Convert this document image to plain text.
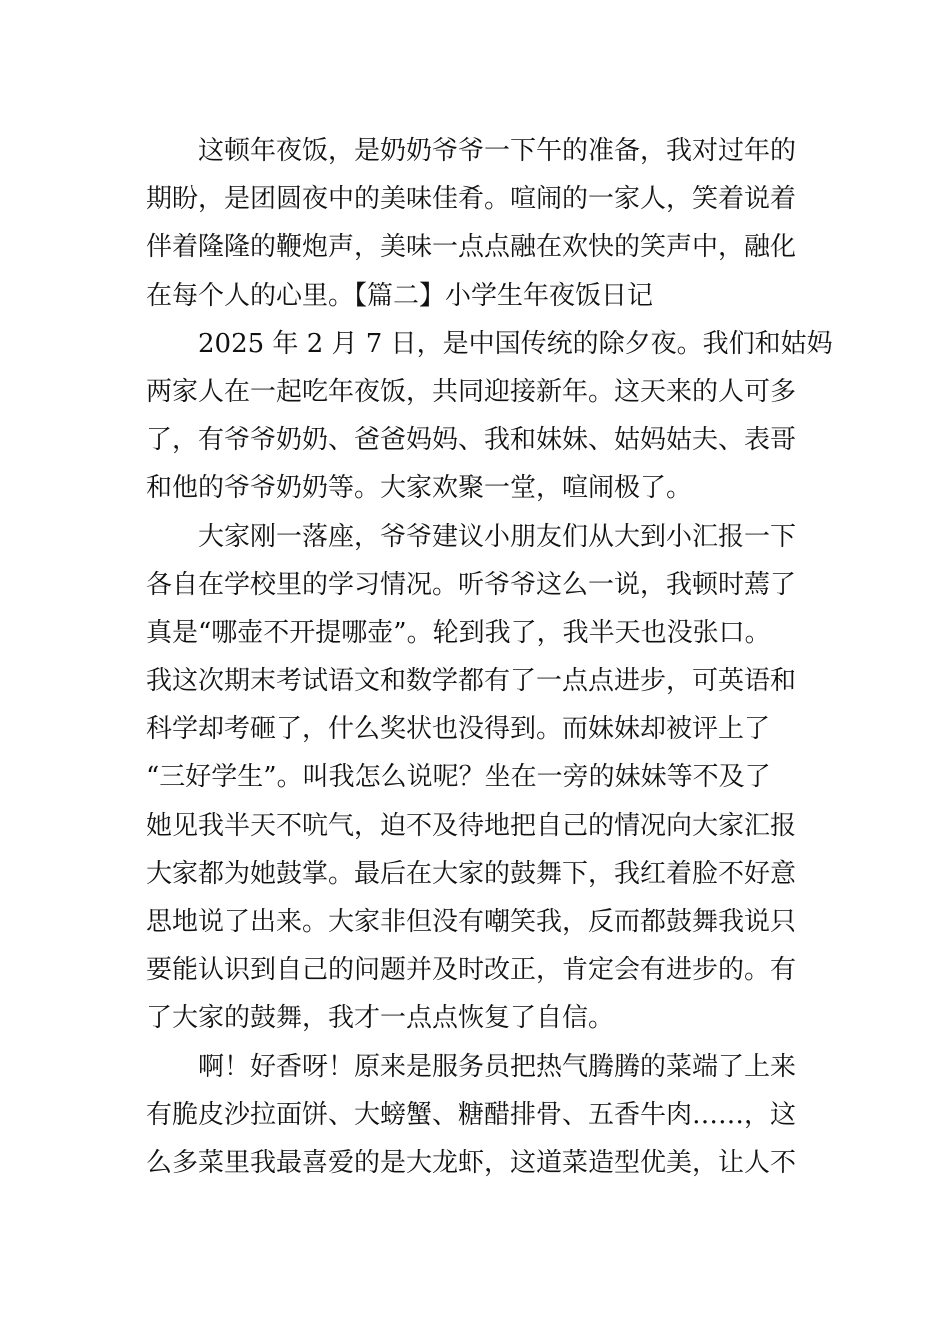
这顿年夜饭，是奶奶爷爷一下午的准备，我对过年的
期盼，是团圆夜中的美味佳肴。喧闹的一家人，笑着说着
伴着隆隆的鞭炮声，美味一点点融在欢快的笑声中，融化
在每个人的心里。【篇二】小学生年夜饭日记
2025 年 2 月 7 日，是中国传统的除夕夜。我们和姑妈
两家人在一起吃年夜饭，共同迎接新年。这天来的人可多
了，有爷爷奶奶、爸爸妈妈、我和妹妹、姑妈姑夫、表哥
和他的爷爷奶奶等。大家欢聚一堂，喧闹极了。
大家刚一落座，爷爷建议小朋友们从大到小汇报一下
各自在学校里的学习情况。听爷爷这么一说，我顿时蔫了
真是“哪壶不开提哪壶”。轮到我了，我半天也没张口。
我这次期末考试语文和数学都有了一点点进步，可英语和
科学却考砸了，什么奖状也没得到。而妹妹却被评上了
“三好学生”。叫我怎么说呢？坐在一旁的妹妹等不及了
她见我半天不吭气，迫不及待地把自己的情况向大家汇报
大家都为她鼓掌。最后在大家的鼓舞下，我红着脸不好意
思地说了出来。大家非但没有嘲笑我，反而都鼓舞我说只
要能认识到自己的问题并及时改正，肯定会有进步的。有
了大家的鼓舞，我才一点点恢复了自信。
啊！好香呀！原来是服务员把热气腾腾的菜端了上来
有脆皮沙拉面饼、大螃蟹、糖醋排骨、五香牛肉……，这
么多菜里我最喜爱的是大龙虾，这道菜造型优美，让人不
